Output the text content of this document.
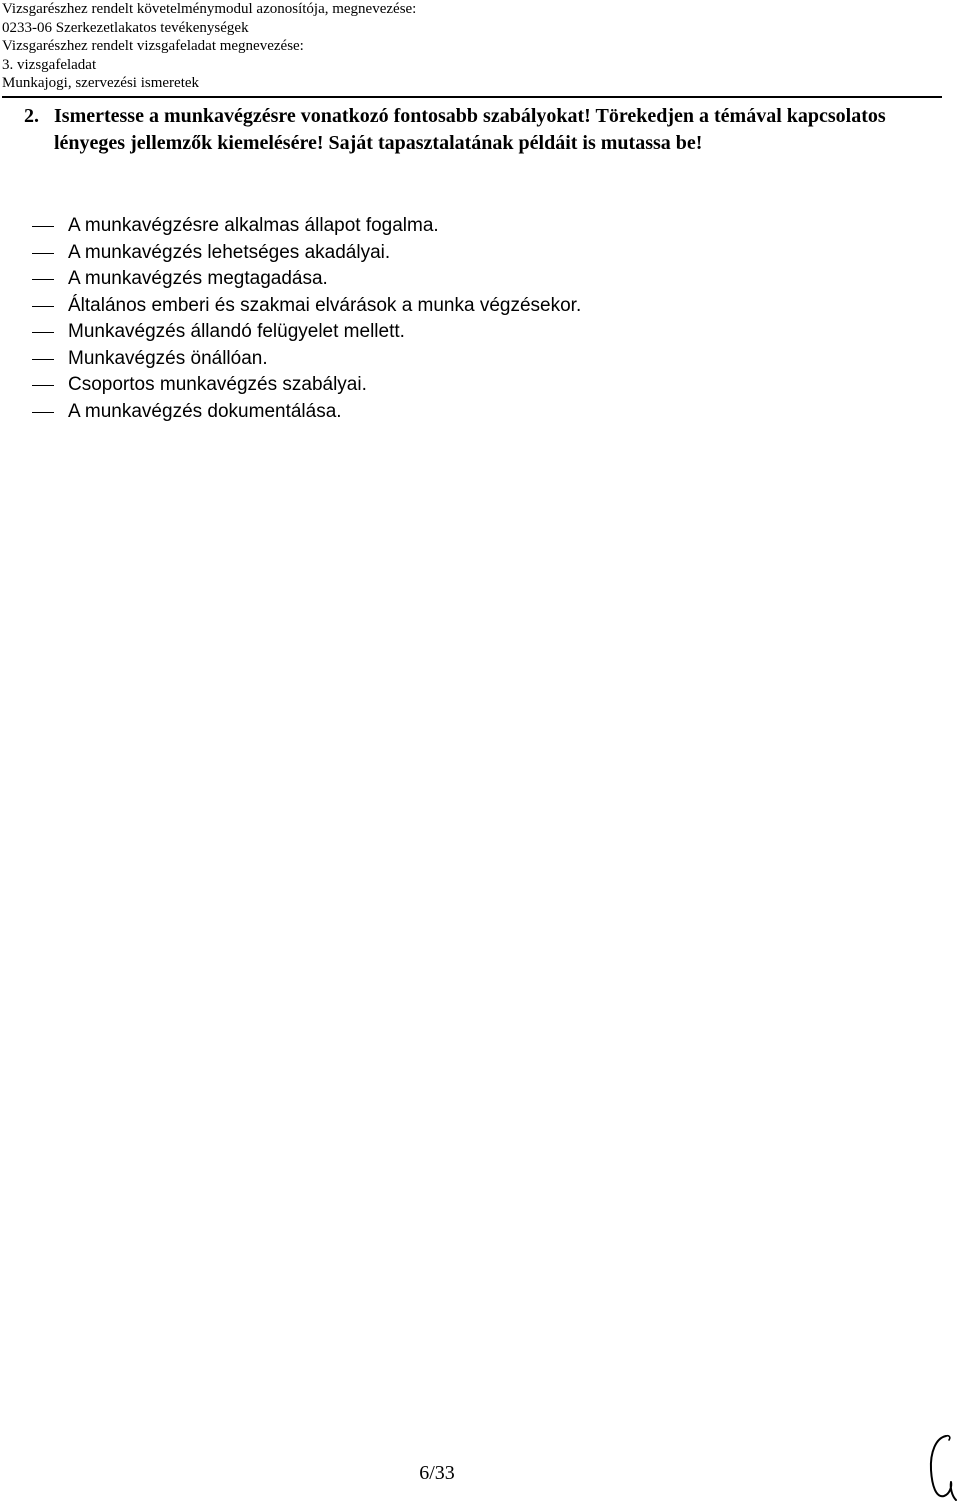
Vizsgarészhez rendelt követelménymodul azonosítója, megnevezése:
0233-06 Szerkezetlakatos tevékenységek
Vizsgarészhez rendelt vizsgafeladat megnevezése:
3. vizsgafeladat
Munkajogi, szervezési ismeretek
2. Ismertesse a munkavégzésre vonatkozó fontosabb szabályokat! Törekedjen a témával kapcsolatos lényeges jellemzők kiemelésére! Saját tapasztalatának példáit is mutassa be!
A munkavégzésre alkalmas állapot fogalma.
A munkavégzés lehetséges akadályai.
A munkavégzés megtagadása.
Általános emberi és szakmai elvárások a munka végzésekor.
Munkavégzés állandó felügyelet mellett.
Munkavégzés önállóan.
Csoportos munkavégzés szabályai.
A munkavégzés dokumentálása.
6/33
